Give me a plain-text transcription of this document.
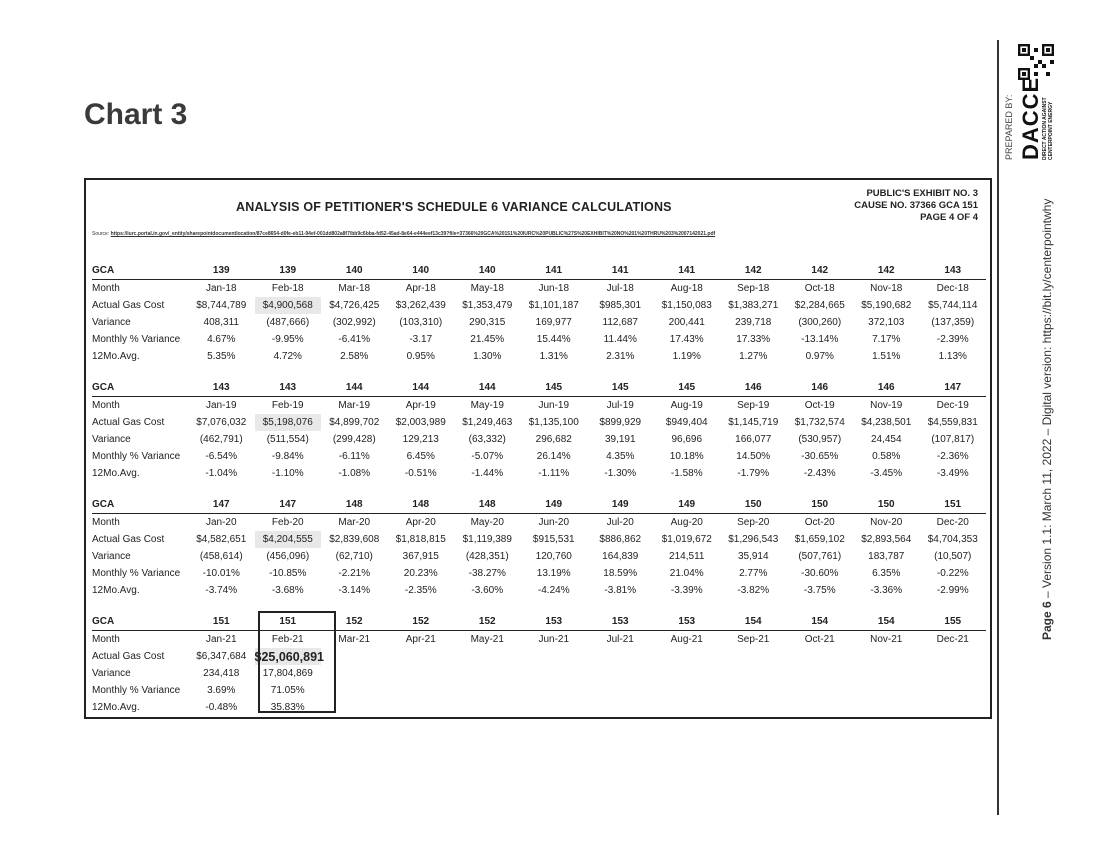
Chart 3	PREPARED BY: DACCE DIRECT ACTION AGAINST CENTERPOINT ENERGY
Page 6 – Version 1.1: March 11, 2022 – Digital version: https://bit.ly/centerpointwhy
PUBLIC'S EXHIBIT NO. 3
CAUSE NO. 37366 GCA 151
PAGE 4 OF 4
ANALYSIS OF PETITIONER'S SCHEDULE 6 VARIANCE CALCULATIONS
Source: https://iurc.portal.in.gov/_entity/sharepointdocumentlocation/87ce8654-d0fe-eb11-94ef-001dd802a8f7/bb9c6bba-fd52-45ad-8e64-e444eef13c39?file=37366%20GCA%20151%20IURC%20PUBLIC%27S%20EXHIBIT%20NO%201%20THRU%203%2007142021.pdf
GCA	139	139	140	140	140	141	141	141	142	142	142	143
Month	Jan-18	Feb-18	Mar-18	Apr-18	May-18	Jun-18	Jul-18	Aug-18	Sep-18	Oct-18	Nov-18	Dec-18
Actual Gas Cost	$8,744,789	$4,900,568	$4,726,425	$3,262,439	$1,353,479	$1,101,187	$985,301	$1,150,083	$1,383,271	$2,284,665	$5,190,682	$5,744,114
Variance	408,311	(487,666)	(302,992)	(103,310)	290,315	169,977	112,687	200,441	239,718	(300,260)	372,103	(137,359)
Monthly % Variance	4.67%	-9.95%	-6.41%	-3.17	21.45%	15.44%	11.44%	17.43%	17.33%	-13.14%	7.17%	-2.39%
12Mo.Avg.	5.35%	4.72%	2.58%	0.95%	1.30%	1.31%	2.31%	1.19%	1.27%	0.97%	1.51%	1.13%
GCA	143	143	144	144	144	145	145	145	146	146	146	147
Month	Jan-19	Feb-19	Mar-19	Apr-19	May-19	Jun-19	Jul-19	Aug-19	Sep-19	Oct-19	Nov-19	Dec-19
Actual Gas Cost	$7,076,032	$5,198,076	$4,899,702	$2,003,989	$1,249,463	$1,135,100	$899,929	$949,404	$1,145,719	$1,732,574	$4,238,501	$4,559,831
Variance	(462,791)	(511,554)	(299,428)	129,213	(63,332)	296,682	39,191	96,696	166,077	(530,957)	24,454	(107,817)
Monthly % Variance	-6.54%	-9.84%	-6.11%	6.45%	-5.07%	26.14%	4.35%	10.18%	14.50%	-30.65%	0.58%	-2.36%
12Mo.Avg.	-1.04%	-1.10%	-1.08%	-0.51%	-1.44%	-1.11%	-1.30%	-1.58%	-1.79%	-2.43%	-3.45%	-3.49%
GCA	147	147	148	148	148	149	149	149	150	150	150	151
Month	Jan-20	Feb-20	Mar-20	Apr-20	May-20	Jun-20	Jul-20	Aug-20	Sep-20	Oct-20	Nov-20	Dec-20
Actual Gas Cost	$4,582,651	$4,204,555	$2,839,608	$1,818,815	$1,119,389	$915,531	$886,862	$1,019,672	$1,296,543	$1,659,102	$2,893,564	$4,704,353
Variance	(458,614)	(456,096)	(62,710)	367,915	(428,351)	120,760	164,839	214,511	35,914	(507,761)	183,787	(10,507)
Monthly % Variance	-10.01%	-10.85%	-2.21%	20.23%	-38.27%	13.19%	18.59%	21.04%	2.77%	-30.60%	6.35%	-0.22%
12Mo.Avg.	-3.74%	-3.68%	-3.14%	-2.35%	-3.60%	-4.24%	-3.81%	-3.39%	-3.82%	-3.75%	-3.36%	-2.99%
GCA	151	151	152	152	152	153	153	153	154	154	154	155
Month	Jan-21	Feb-21	Mar-21	Apr-21	May-21	Jun-21	Jul-21	Aug-21	Sep-21	Oct-21	Nov-21	Dec-21
Actual Gas Cost	$6,347,684	$25,060,891										
Variance	234,418	17,804,869										
Monthly % Variance	3.69%	71.05%										
12Mo.Avg.	-0.48%	35.83%										
